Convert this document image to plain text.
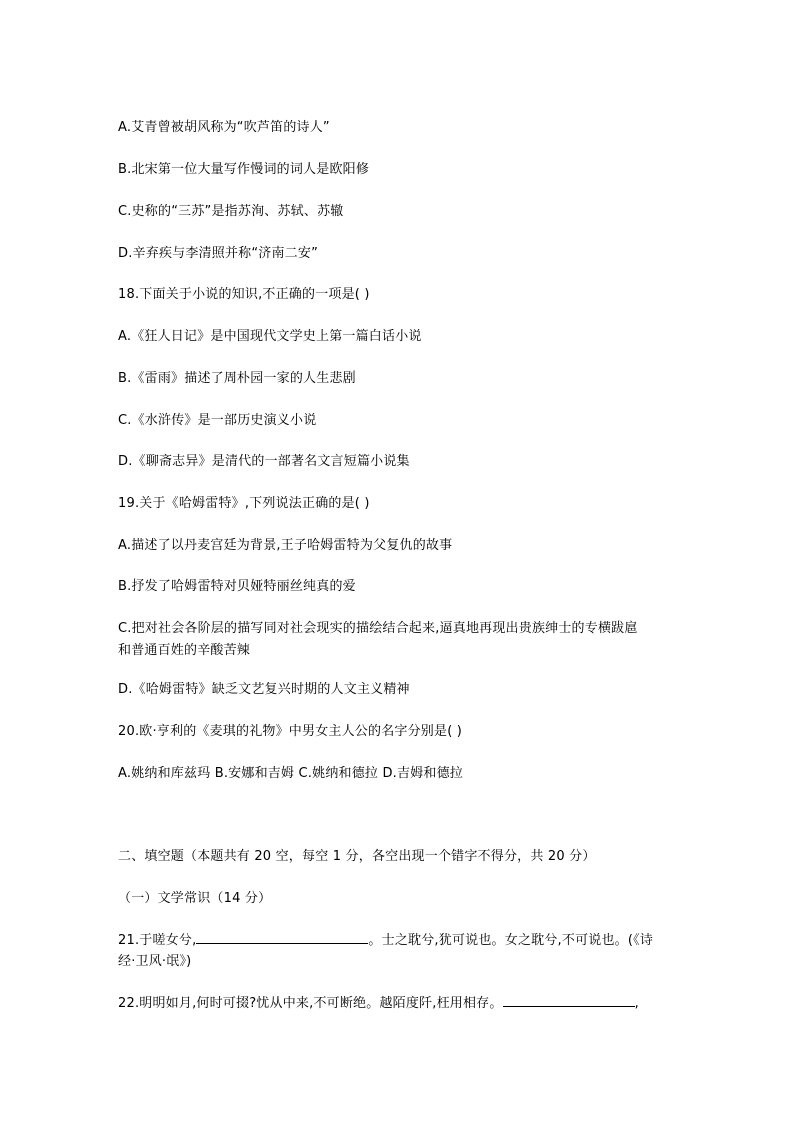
A.艾青曾被胡风称为“吹芦笛的诗人”
B.北宋第一位大量写作慢词的词人是欧阳修
C.史称的“三苏”是指苏洵、苏轼、苏辙
D.辛弃疾与李清照并称“济南二安”
18.下面关于小说的知识,不正确的一项是( )
A.《狂人日记》是中国现代文学史上第一篇白话小说
B.《雷雨》描述了周朴园一家的人生悲剧
C.《水浒传》是一部历史演义小说
D.《聊斋志异》是清代的一部著名文言短篇小说集
19.关于《哈姆雷特》,下列说法正确的是( )
A.描述了以丹麦宫廷为背景,王子哈姆雷特为父复仇的故事
B.抒发了哈姆雷特对贝娅特丽丝纯真的爱
C.把对社会各阶层的描写同对社会现实的描绘结合起来,逼真地再现出贵族绅士的专横跋扈
和普通百姓的辛酸苦辣
D.《哈姆雷特》缺乏文艺复兴时期的人文主义精神
20.欧·亨利的《麦琪的礼物》中男女主人公的名字分别是( )
A.姚纳和库兹玛 B.安娜和吉姆 C.姚纳和德拉 D.吉姆和德拉
二、填空题（本题共有 20 空，每空 1 分，各空出现一个错字不得分，共 20 分）
（一）文学常识（14 分）
21.于嗟女兮,	。士之耽兮,犹可说也。女之耽兮,不可说也。(《诗
经·卫风·氓》)
22.明明如月,何时可掇?忧从中来,不可断绝。越陌度阡,枉用相存。	,
